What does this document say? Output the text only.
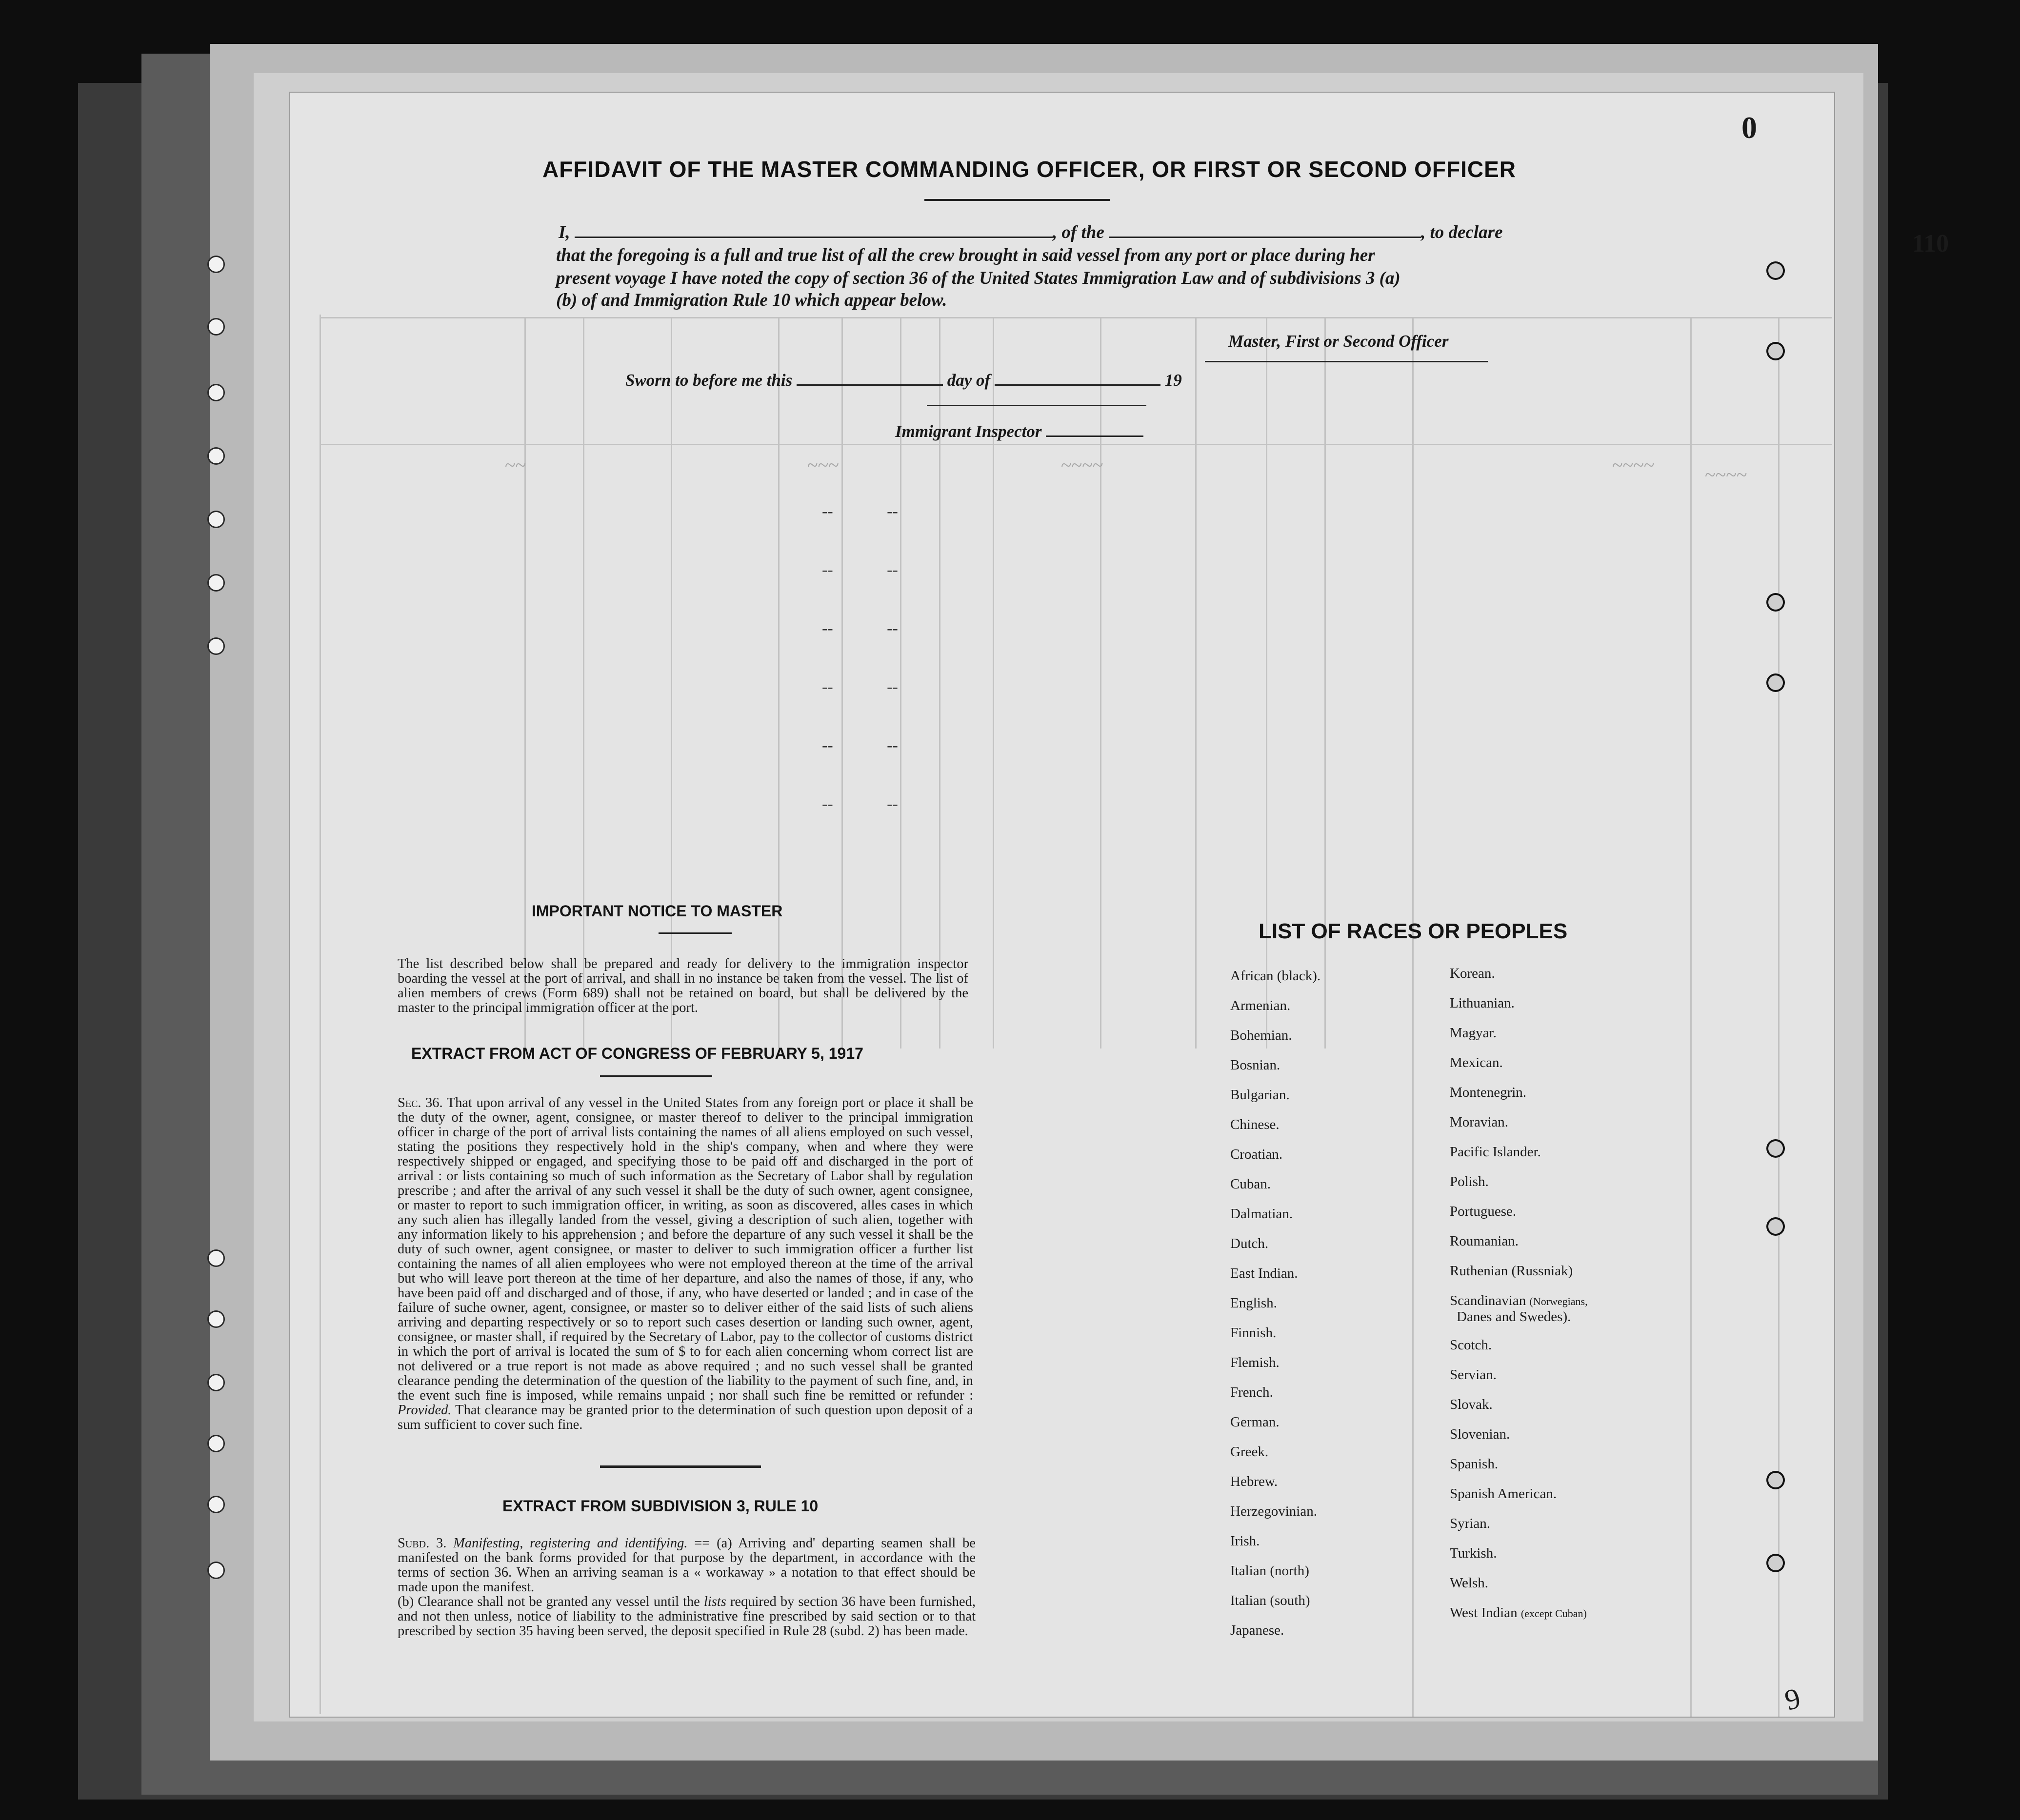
~~	~~~	~~~~	~~~~	~~~~
--             --
--             --
--             --
--             --
--             --
--             --
AFFIDAVIT OF THE MASTER COMMANDING OFFICER, OR FIRST OR SECOND OFFICER
I,	, of the	, to declare
that the foregoing is a full and true list of all the crew brought in said vessel from any port or place during her
present voyage I have noted the copy of section 36 of the United States Immigration Law and of subdivisions 3 (a)
(b) of and Immigration Rule 10 which appear below.
Master, First or Second Officer
Sworn to before me this	day of	19
Immigrant Inspector
IMPORTANT NOTICE TO MASTER
The list described below shall be prepared and ready for delivery to the immigration inspector boarding the vessel at the port of arrival, and shall in no instance be taken from the vessel. The list of alien members of crews (Form 689) shall not be retained on board, but shall be delivered by the master to the principal immigration officer at the port.
EXTRACT FROM ACT OF CONGRESS OF FEBRUARY 5, 1917
Sec. 36. That upon arrival of any vessel in the United States from any foreign port or place it shall be the duty of the owner, agent, consignee, or master thereof to deliver to the principal immigration officer in charge of the port of arrival lists containing the names of all aliens employed on such vessel, stating the positions they respectively hold in the ship's company, when and where they were respectively shipped or engaged, and specifying those to be paid off and discharged in the port of arrival : or lists containing so much of such information as the Secretary of Labor shall by regulation prescribe ; and after the arrival of any such vessel it shall be the duty of such owner, agent consignee, or master to report to such immigration officer, in writing, as soon as discovered, alles cases in which any such alien has illegally landed from the vessel, giving a description of such alien, together with any information likely to his apprehension ; and before the departure of any such vessel it shall be the duty of such owner, agent consignee, or master to deliver to such immigration officer a further list containing the names of all alien employees who were not employed thereon at the time of the arrival but who will leave port thereon at the time of her departure, and also the names of those, if any, who have been paid off and discharged and of those, if any, who have deserted or landed ; and in case of the failure of suche owner, agent, consignee, or master so to deliver either of the said lists of such aliens arriving and departing respectively or so to report such cases desertion or landing such owner, agent, consignee, or master shall, if required by the Secretary of Labor, pay to the collector of customs district in which the port of arrival is located the sum of $ to for each alien concerning whom correct list are not delivered or a true report is not made as above required ; and no such vessel shall be granted clearance pending the determination of the question of the liability to the payment of such fine, and, in the event such fine is imposed, while remains unpaid ; nor shall such fine be remitted or refunder : Provided. That clearance may be granted prior to the determination of such question upon deposit of a sum sufficient to cover such fine.
EXTRACT FROM SUBDIVISION 3, RULE 10
Subd. 3. Manifesting, registering and identifying. == (a) Arriving and' departing seamen shall be manifested on the bank forms provided for that purpose by the department, in accordance with the terms of section 36. When an arriving seaman is a « workaway » a notation to that effect should be made upon the manifest.
(b) Clearance shall not be granted any vessel until the lists required by section 36 have been furnished, and not then unless, notice of liability to the administrative fine prescribed by said section or to that prescribed by section 35 having been served, the deposit specified in Rule 28 (subd. 2) has been made.
LIST OF RACES OR PEOPLES
African (black).
Armenian.
Bohemian.
Bosnian.
Bulgarian.
Chinese.
Croatian.
Cuban.
Dalmatian.
Dutch.
East Indian.
English.
Finnish.
Flemish.
French.
German.
Greek.
Hebrew.
Herzegovinian.
Irish.
Italian (north)
Italian (south)
Japanese.
Korean.
Lithuanian.
Magyar.
Mexican.
Montenegrin.
Moravian.
Pacific Islander.
Polish.
Portuguese.
Roumanian.
Ruthenian (Russniak)
Scandinavian (Norwegians,
Danes and Swedes).
Scotch.
Servian.
Slovak.
Slovenian.
Spanish.
Spanish American.
Syrian.
Turkish.
Welsh.
West Indian (except Cuban)
110
0
9
